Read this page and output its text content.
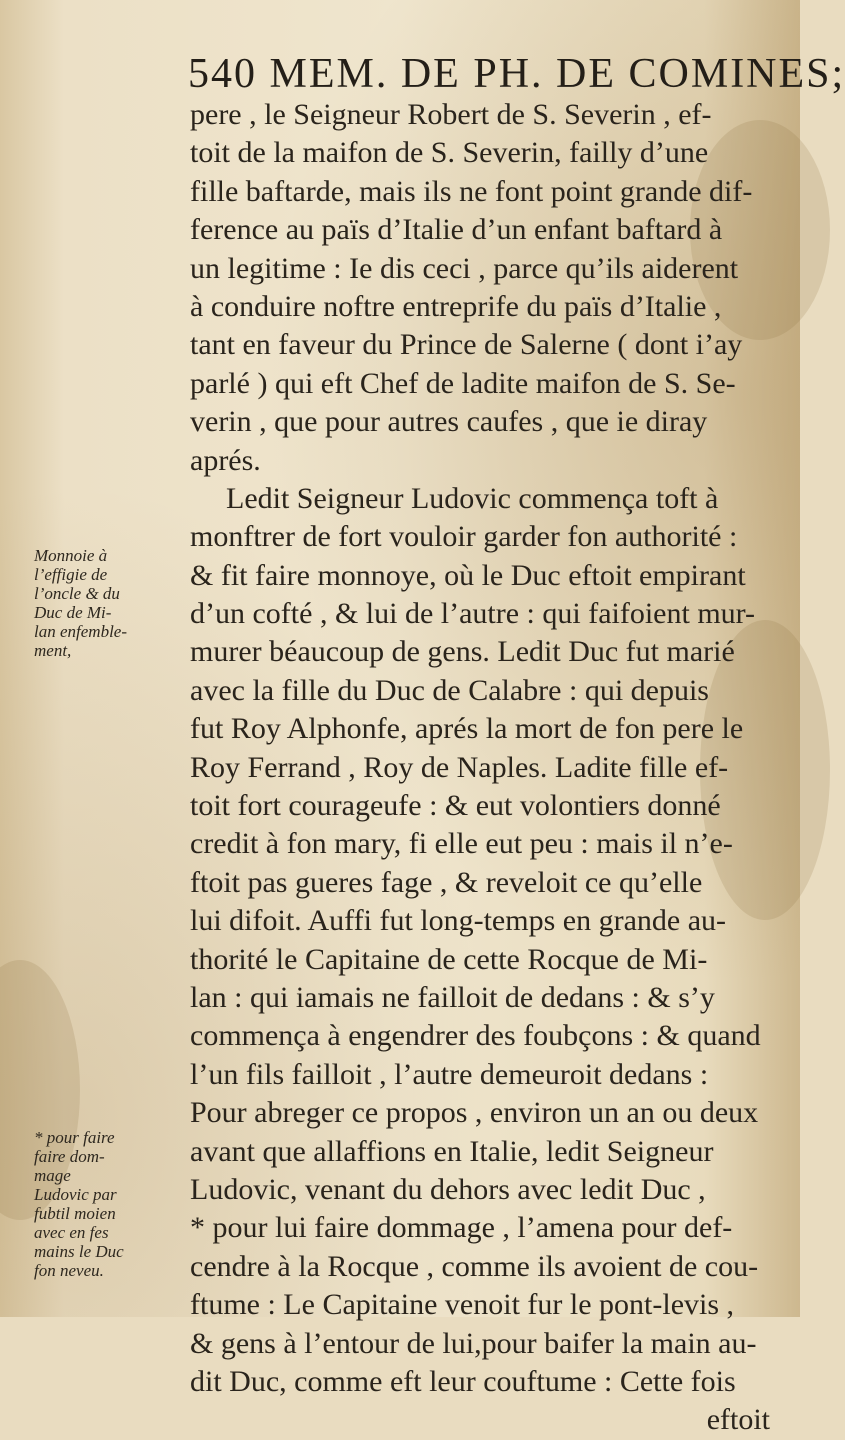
540 MEM. DE PH. DE COMINES;
pere , le Seigneur Robert de S. Severin , ef-
toit de la maifon de S. Severin, failly d’une
fille baftarde, mais ils ne font point grande dif-
ference au païs d’Italie d’un enfant baftard à
un legitime : Ie dis ceci , parce qu’ils aiderent
à conduire noftre entreprife du païs d’Italie ,
tant en faveur du Prince de Salerne ( dont i’ay
parlé ) qui eft Chef de ladite maifon de S. Se-
verin , que pour autres caufes , que ie diray
aprés.
Ledit Seigneur Ludovic commença toft à
monftrer de fort vouloir garder fon authorité :
& fit faire monnoye, où le Duc eftoit empirant
d’un cofté , & lui de l’autre : qui faifoient mur-
murer béaucoup de gens. Ledit Duc fut marié
avec la fille du Duc de Calabre : qui depuis
fut Roy Alphonfe, aprés la mort de fon pere le
Roy Ferrand , Roy de Naples. Ladite fille ef-
toit fort courageufe : & eut volontiers donné
credit à fon mary, fi elle eut peu : mais il n’e-
ftoit pas gueres fage , & reveloit ce qu’elle
lui difoit. Auffi fut long-temps en grande au-
thorité le Capitaine de cette Rocque de Mi-
lan : qui iamais ne failloit de dedans : & s’y
commença à engendrer des foubçons : & quand
l’un fils failloit , l’autre demeuroit dedans :
Pour abreger ce propos , environ un an ou deux
avant que allaffions en Italie, ledit Seigneur
Ludovic, venant du dehors avec ledit Duc ,
* pour lui faire dommage , l’amena pour def-
cendre à la Rocque , comme ils avoient de cou-
ftume : Le Capitaine venoit fur le pont-levis ,
& gens à l’entour de lui,pour baifer la main au-
dit Duc, comme eft leur couftume : Cette fois
eftoit
Monnoie à
l’effigie de
l’oncle & du
Duc de Mi-
lan enfemble-
ment,
* pour faire
faire dom-
mage
Ludovic par
fubtil moien
avec en fes
mains le Duc
fon neveu.
